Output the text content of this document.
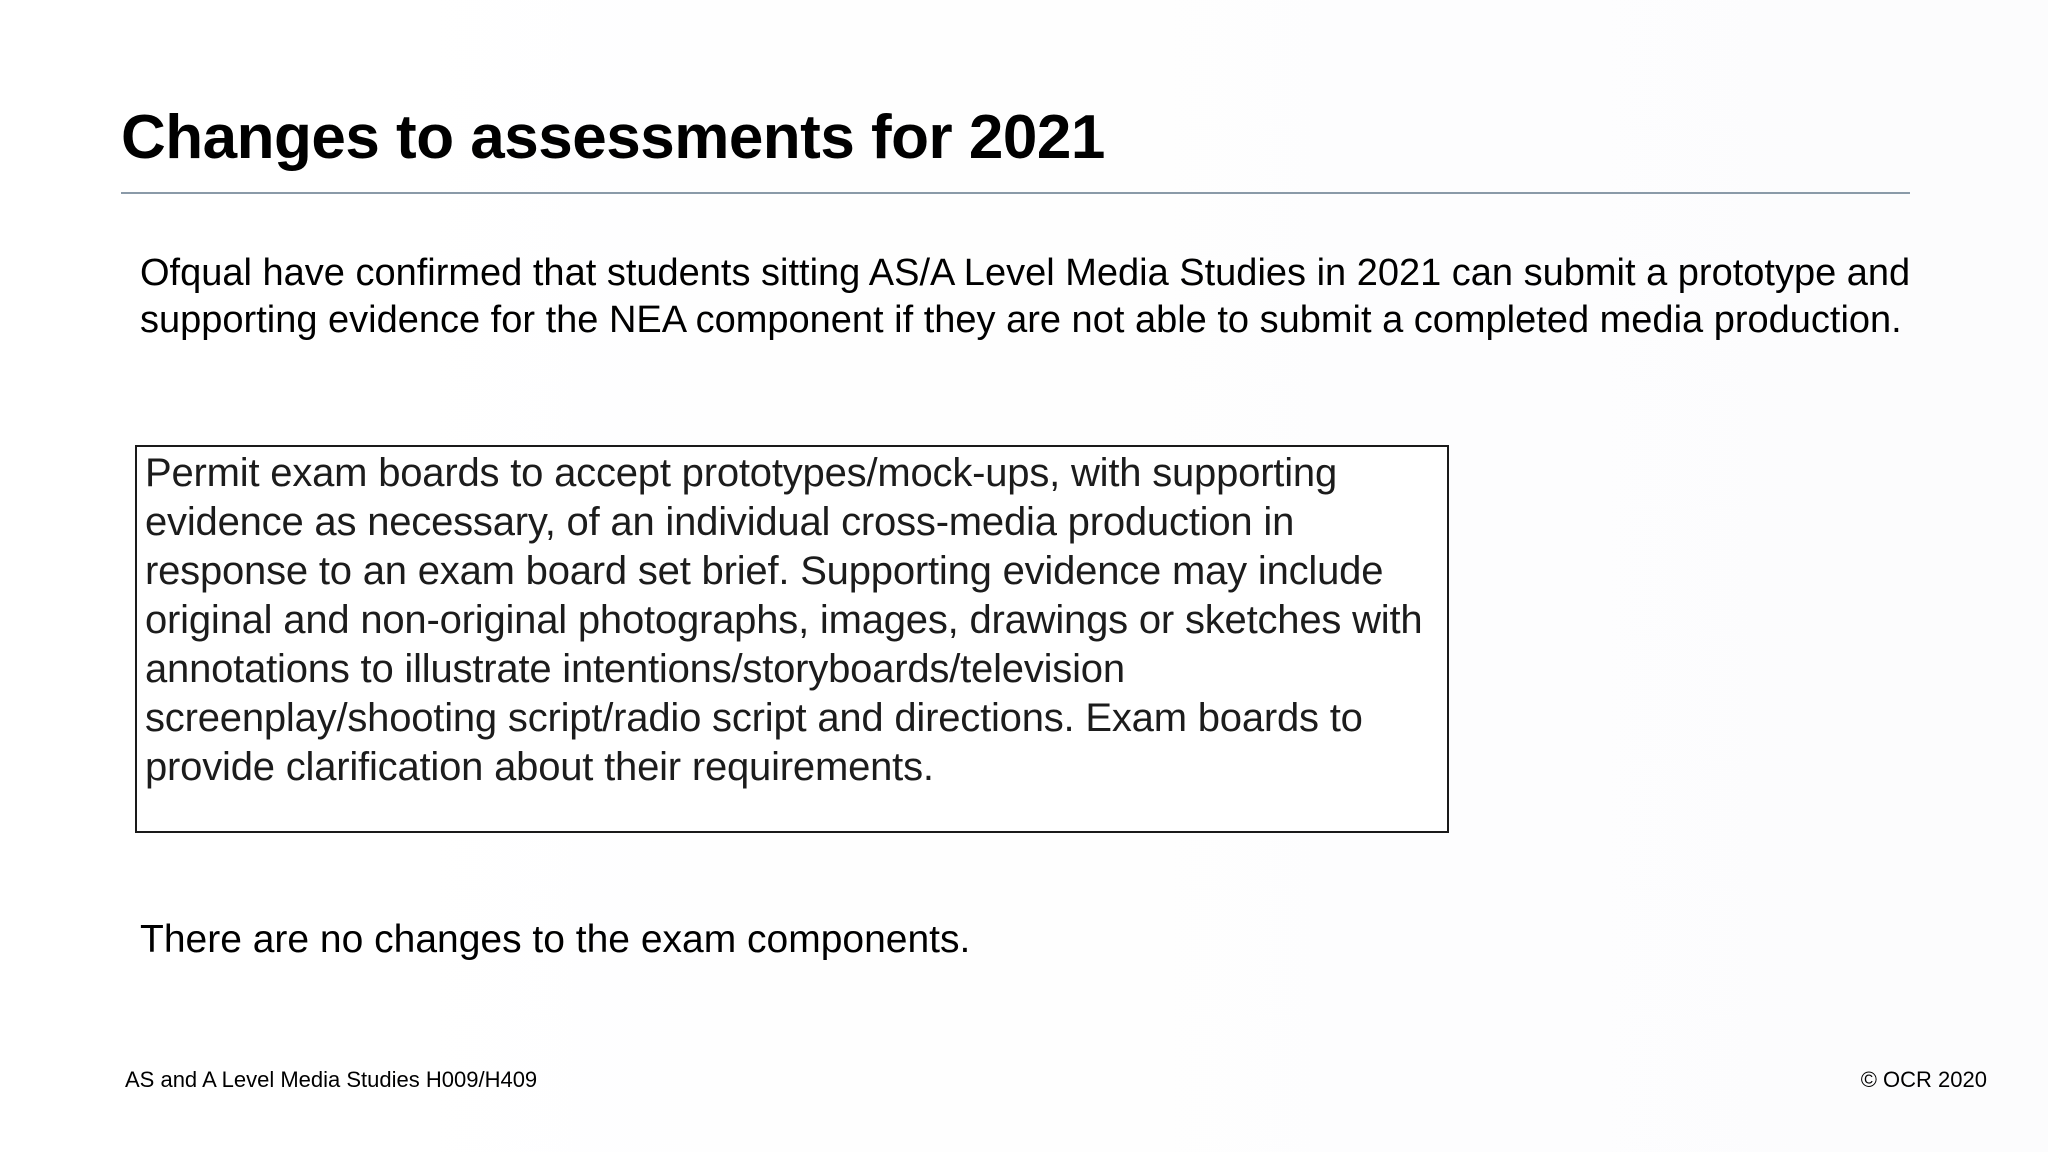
Changes to assessments for 2021
Ofqual have confirmed that students sitting AS/A Level Media Studies in 2021 can submit a prototype and supporting evidence for the NEA component if they are not able to submit a completed media production.
Permit exam boards to accept prototypes/mock-ups, with supporting evidence as necessary, of an individual cross-media production in response to an exam board set brief. Supporting evidence may include original and non-original photographs, images, drawings or sketches with annotations to illustrate intentions/storyboards/television screenplay/shooting script/radio script and directions. Exam boards to provide clarification about their requirements.
There are no changes to the exam components.
AS and A Level Media Studies H009/H409	© OCR 2020
